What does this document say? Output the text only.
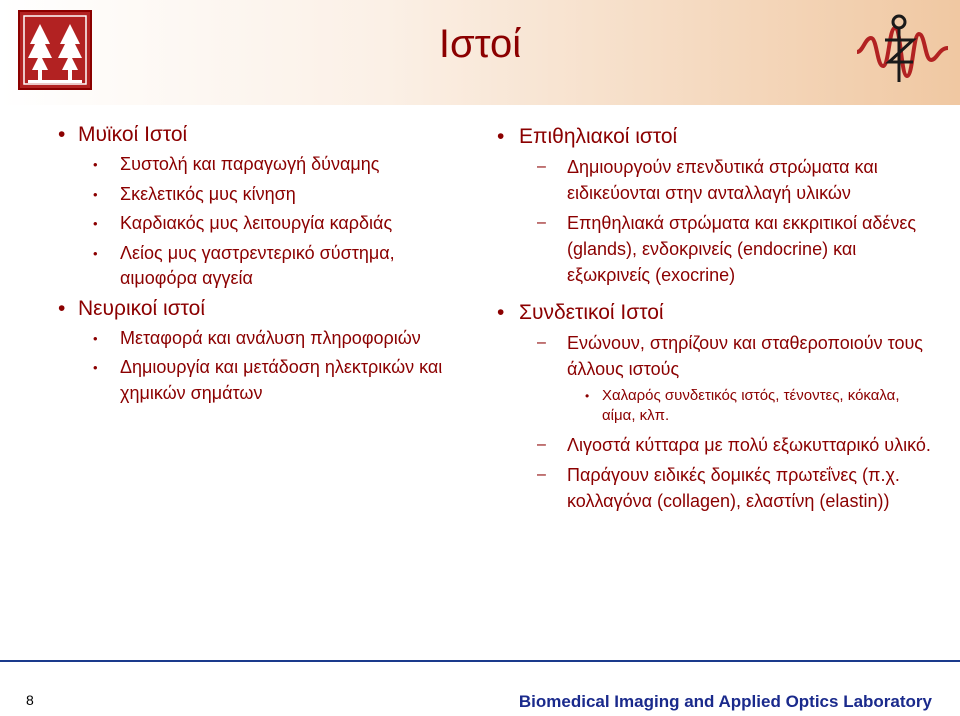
Ιστοί
• Μυϊκοί Ιστοί
• Συστολή και παραγωγή δύναμης
• Σκελετικός μυς κίνηση
• Καρδιακός μυς λειτουργία καρδιάς
• Λείος μυς γαστρεντερικό σύστημα, αιμοφόρα αγγεία
• Νευρικοί ιστοί
• Μεταφορά και ανάλυση πληροφοριών
• Δημιουργία και μετάδοση ηλεκτρικών και χημικών σημάτων
• Επιθηλιακοί ιστοί
– Δημιουργούν επενδυτικά στρώματα και ειδικεύονται στην ανταλλαγή υλικών
– Επηθηλιακά στρώματα και εκκριτικοί αδένες (glands), ενδοκρινείς (endocrine) και εξωκρινείς (exocrine)
• Συνδετικοί Ιστοί
– Ενώνουν, στηρίζουν και σταθεροποιούν τους άλλους ιστούς
• Χαλαρός συνδετικός ιστός, τένοντες, κόκαλα, αίμα, κλπ.
– Λιγοστά κύτταρα με πολύ εξωκυτταρικό υλικό.
– Παράγουν ειδικές δομικές πρωτεΐνες (π.χ. κολλαγόνα (collagen), ελαστίνη (elastin))
8	Biomedical Imaging and Applied Optics Laboratory
